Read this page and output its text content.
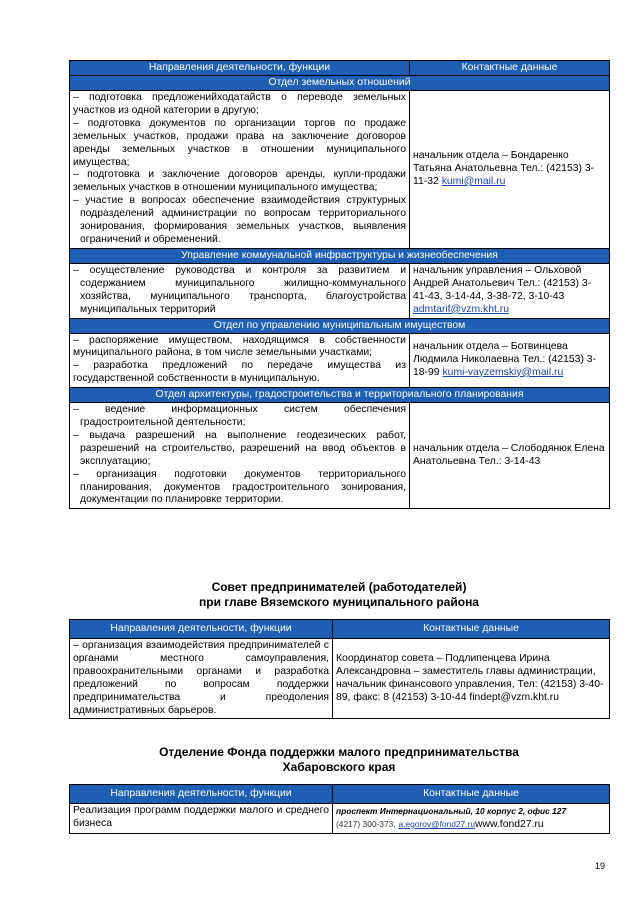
Направления деятельности, функции	Контактные данные
Отдел земельных отношений	

– подготовка предложенийходатайств о переводе земельных участков из одной категории в другую;
– подготовка документов по организации торгов по продаже земельных участков, продажи права на заключение договоров аренды земельных участков в отношении муниципального имущества;
– подготовка и заключение договоров аренды, купли-продажи земельных участков в отношении муниципального имущества;
– участие в вопросах обеспечение взаимодействия структурных подразделений администрации по вопросам территориального зонирования, формирования земельных участков, выявления ограничений и обременений.	начальник отдела – Бондаренко Татьяна Анатольевна Тел.: (42153) 3-11-32 kumi@mail.ru
Управление коммунальной инфраструктуры и жизнеобеспечения	

– осуществление руководства и контроля за развитием и содержанием муниципального жилищно-коммунального хозяйства, муниципального транспорта, благоустройства муниципальных территорий	начальник управления – Ольховой Андрей Анатольевич Тел.: (42153) 3-41-43, 3-14-44, 3-38-72, 3-10-43 admtarif@vzm.kht.ru
Отдел по управлению муниципальным имуществом	

– распоряжение имуществом, находящимся в собственности муниципального района, в том числе земельными участками;
– разработка предложений по передаче имущества из государственной собственности в муниципальную.	начальник отдела – Ботвинцева Людмила Николаевна Тел.: (42153) 3-18-99 kumi-vayzemskiy@mail.ru
Отдел архитектуры, градостроительства и территориального планирования	

– ведение информационных систем обеспечения градостроительной деятельности;
– выдача разрешений на выполнение геодезических работ, разрешений на строительство, разрешений на ввод объектов в эксплуатацию;
– организация подготовки документов территориального планирования, документов градостроительного зонирования, документации по планировке территории.	начальник отдела – Слободянюк Елена Анатольевна Тел.: 3-14-43
Совет предпринимателей (работодателей)
при главе Вяземского муниципального района
Направления деятельности, функции	Контактные данные

– организация взаимодействия предпринимателей с органами местного самоуправления, правоохранительными органами и разработка предложений по вопросам поддержки предпринимательства и преодоления административных барьеров.	Координатор совета – Подлипенцева Ирина Александровна – заместитель главы администрации, начальник финансового управления, Тел: (42153) 3-40-89, факс: 8 (42153) 3-10-44 findept@vzm.kht.ru
Отделение Фонда поддержки малого предпринимательства
Хабаровского края
Направления деятельности, функции	Контактные данные

Реализация программ поддержки малого и среднего бизнеса	проспект Интернациональный, 10 корпус 2, офис 127
(4217) 300-373, a.egorov@fond27.ruwww.fond27.ru
19
